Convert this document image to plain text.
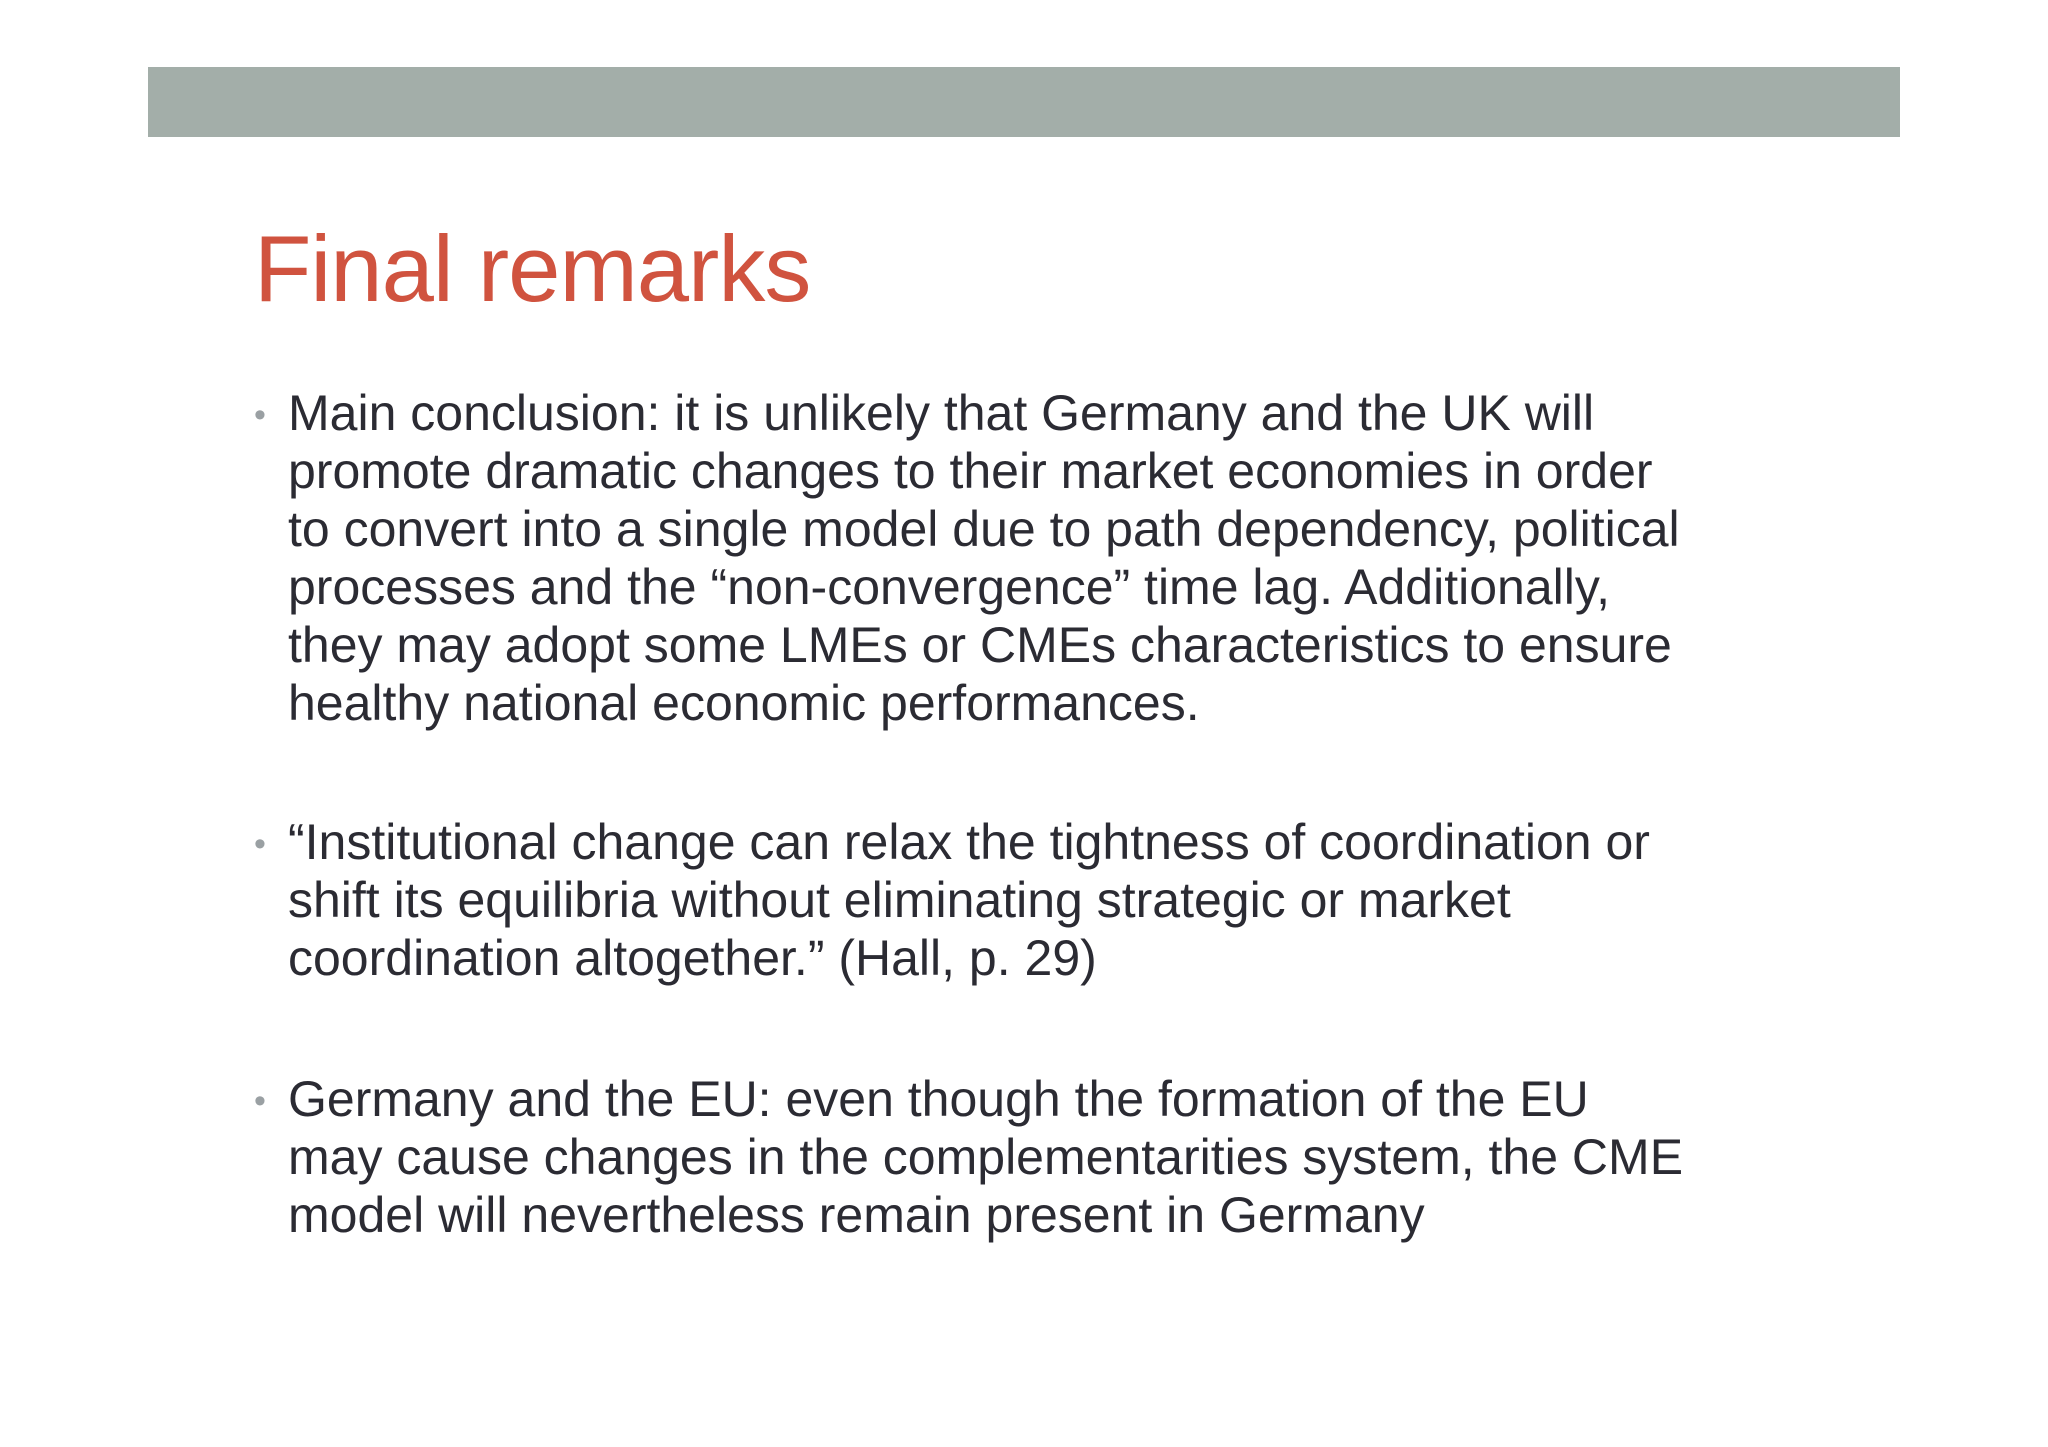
Final remarks
• Main conclusion: it is unlikely that Germany and the UK will
promote dramatic changes to their market economies in order
to convert into a single model due to path dependency, political
processes and the “non-convergence” time lag. Additionally,
they may adopt some LMEs or CMEs characteristics to ensure
healthy national economic performances.
• “Institutional change can relax the tightness of coordination or
shift its equilibria without eliminating strategic or market
coordination altogether.” (Hall, p. 29)
• Germany and the EU: even though the formation of the EU
may cause changes in the complementarities system, the CME
model will nevertheless remain present in Germany
